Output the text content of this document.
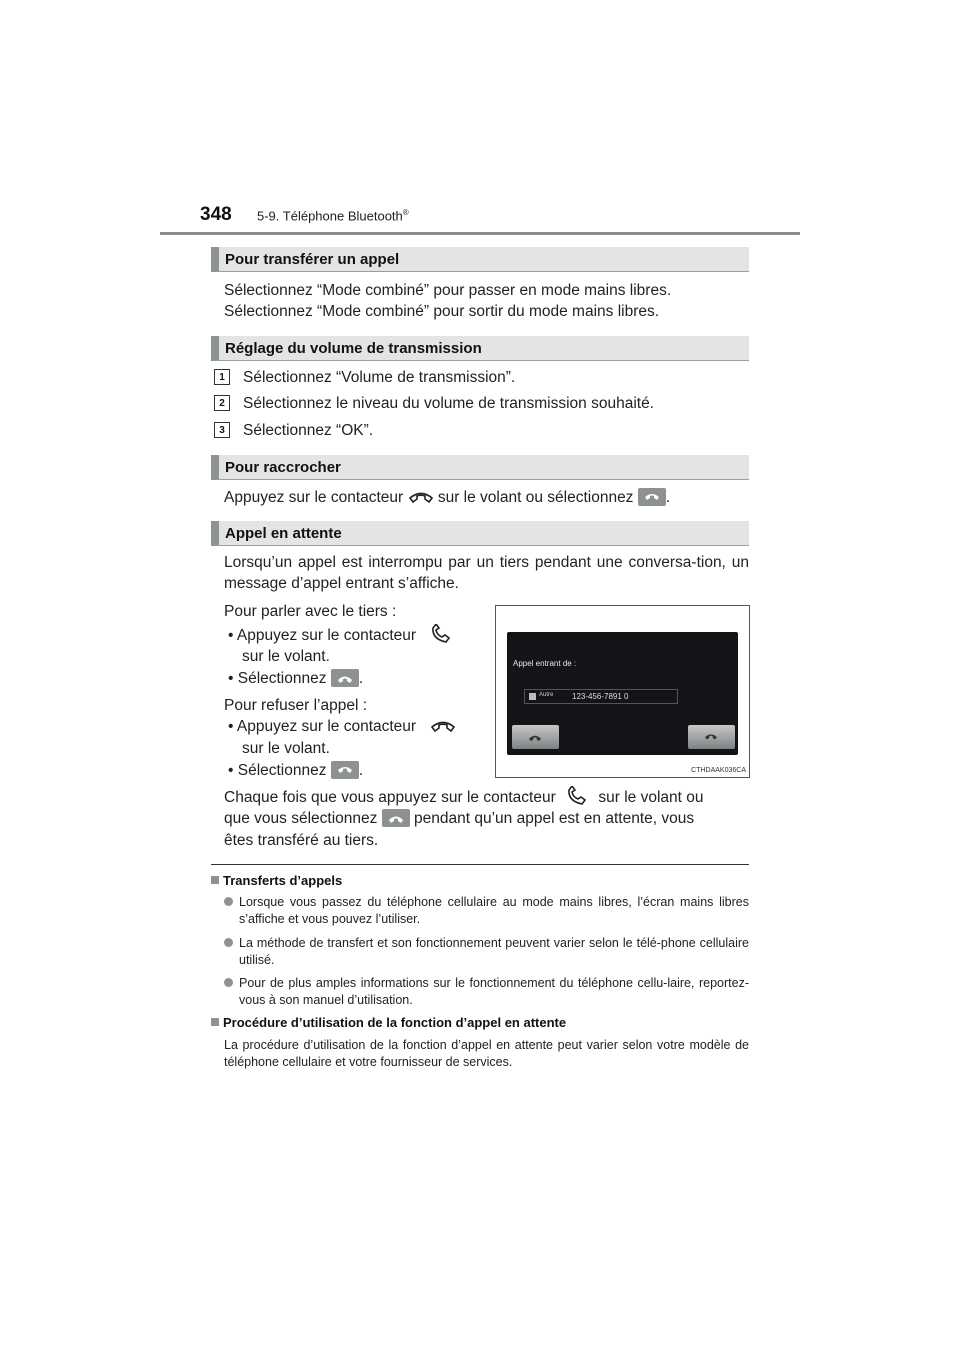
348 5-9. Téléphone Bluetooth®
Pour transférer un appel
Sélectionnez “Mode combiné” pour passer en mode mains libres.
Sélectionnez “Mode combiné” pour sortir du mode mains libres.
Réglage du volume de transmission
1	Sélectionnez “Volume de transmission”.
2	Sélectionnez le niveau du volume de transmission souhaité.
3	Sélectionnez “OK”.
Pour raccrocher
Appuyez sur le contacteur sur le volant ou sélectionnez .
Appel en attente
Lorsqu’un appel est interrompu par un tiers pendant une conversa-tion, un message d’appel entrant s’affiche.
Pour parler avec le tiers :
• Appuyez sur le contacteur
sur le volant.
• Sélectionnez .
Pour refuser l’appel :
• Appuyez sur le contacteur
sur le volant.
• Sélectionnez .
Appel entrant de :
Autre 123-456-7891 0
CTHDAAK036CA
Chaque fois que vous appuyez sur le contacteur	sur le volant ou
que vous sélectionnez pendant qu’un appel est en attente, vous
êtes transféré au tiers.
Transferts d’appels
Lorsque vous passez du téléphone cellulaire au mode mains libres, l’écran mains libres s’affiche et vous pouvez l’utiliser.
La méthode de transfert et son fonctionnement peuvent varier selon le télé-phone cellulaire utilisé.
Pour de plus amples informations sur le fonctionnement du téléphone cellu-laire, reportez-vous à son manuel d’utilisation.
Procédure d’utilisation de la fonction d’appel en attente
La procédure d’utilisation de la fonction d’appel en attente peut varier selon votre modèle de téléphone cellulaire et votre fournisseur de services.
